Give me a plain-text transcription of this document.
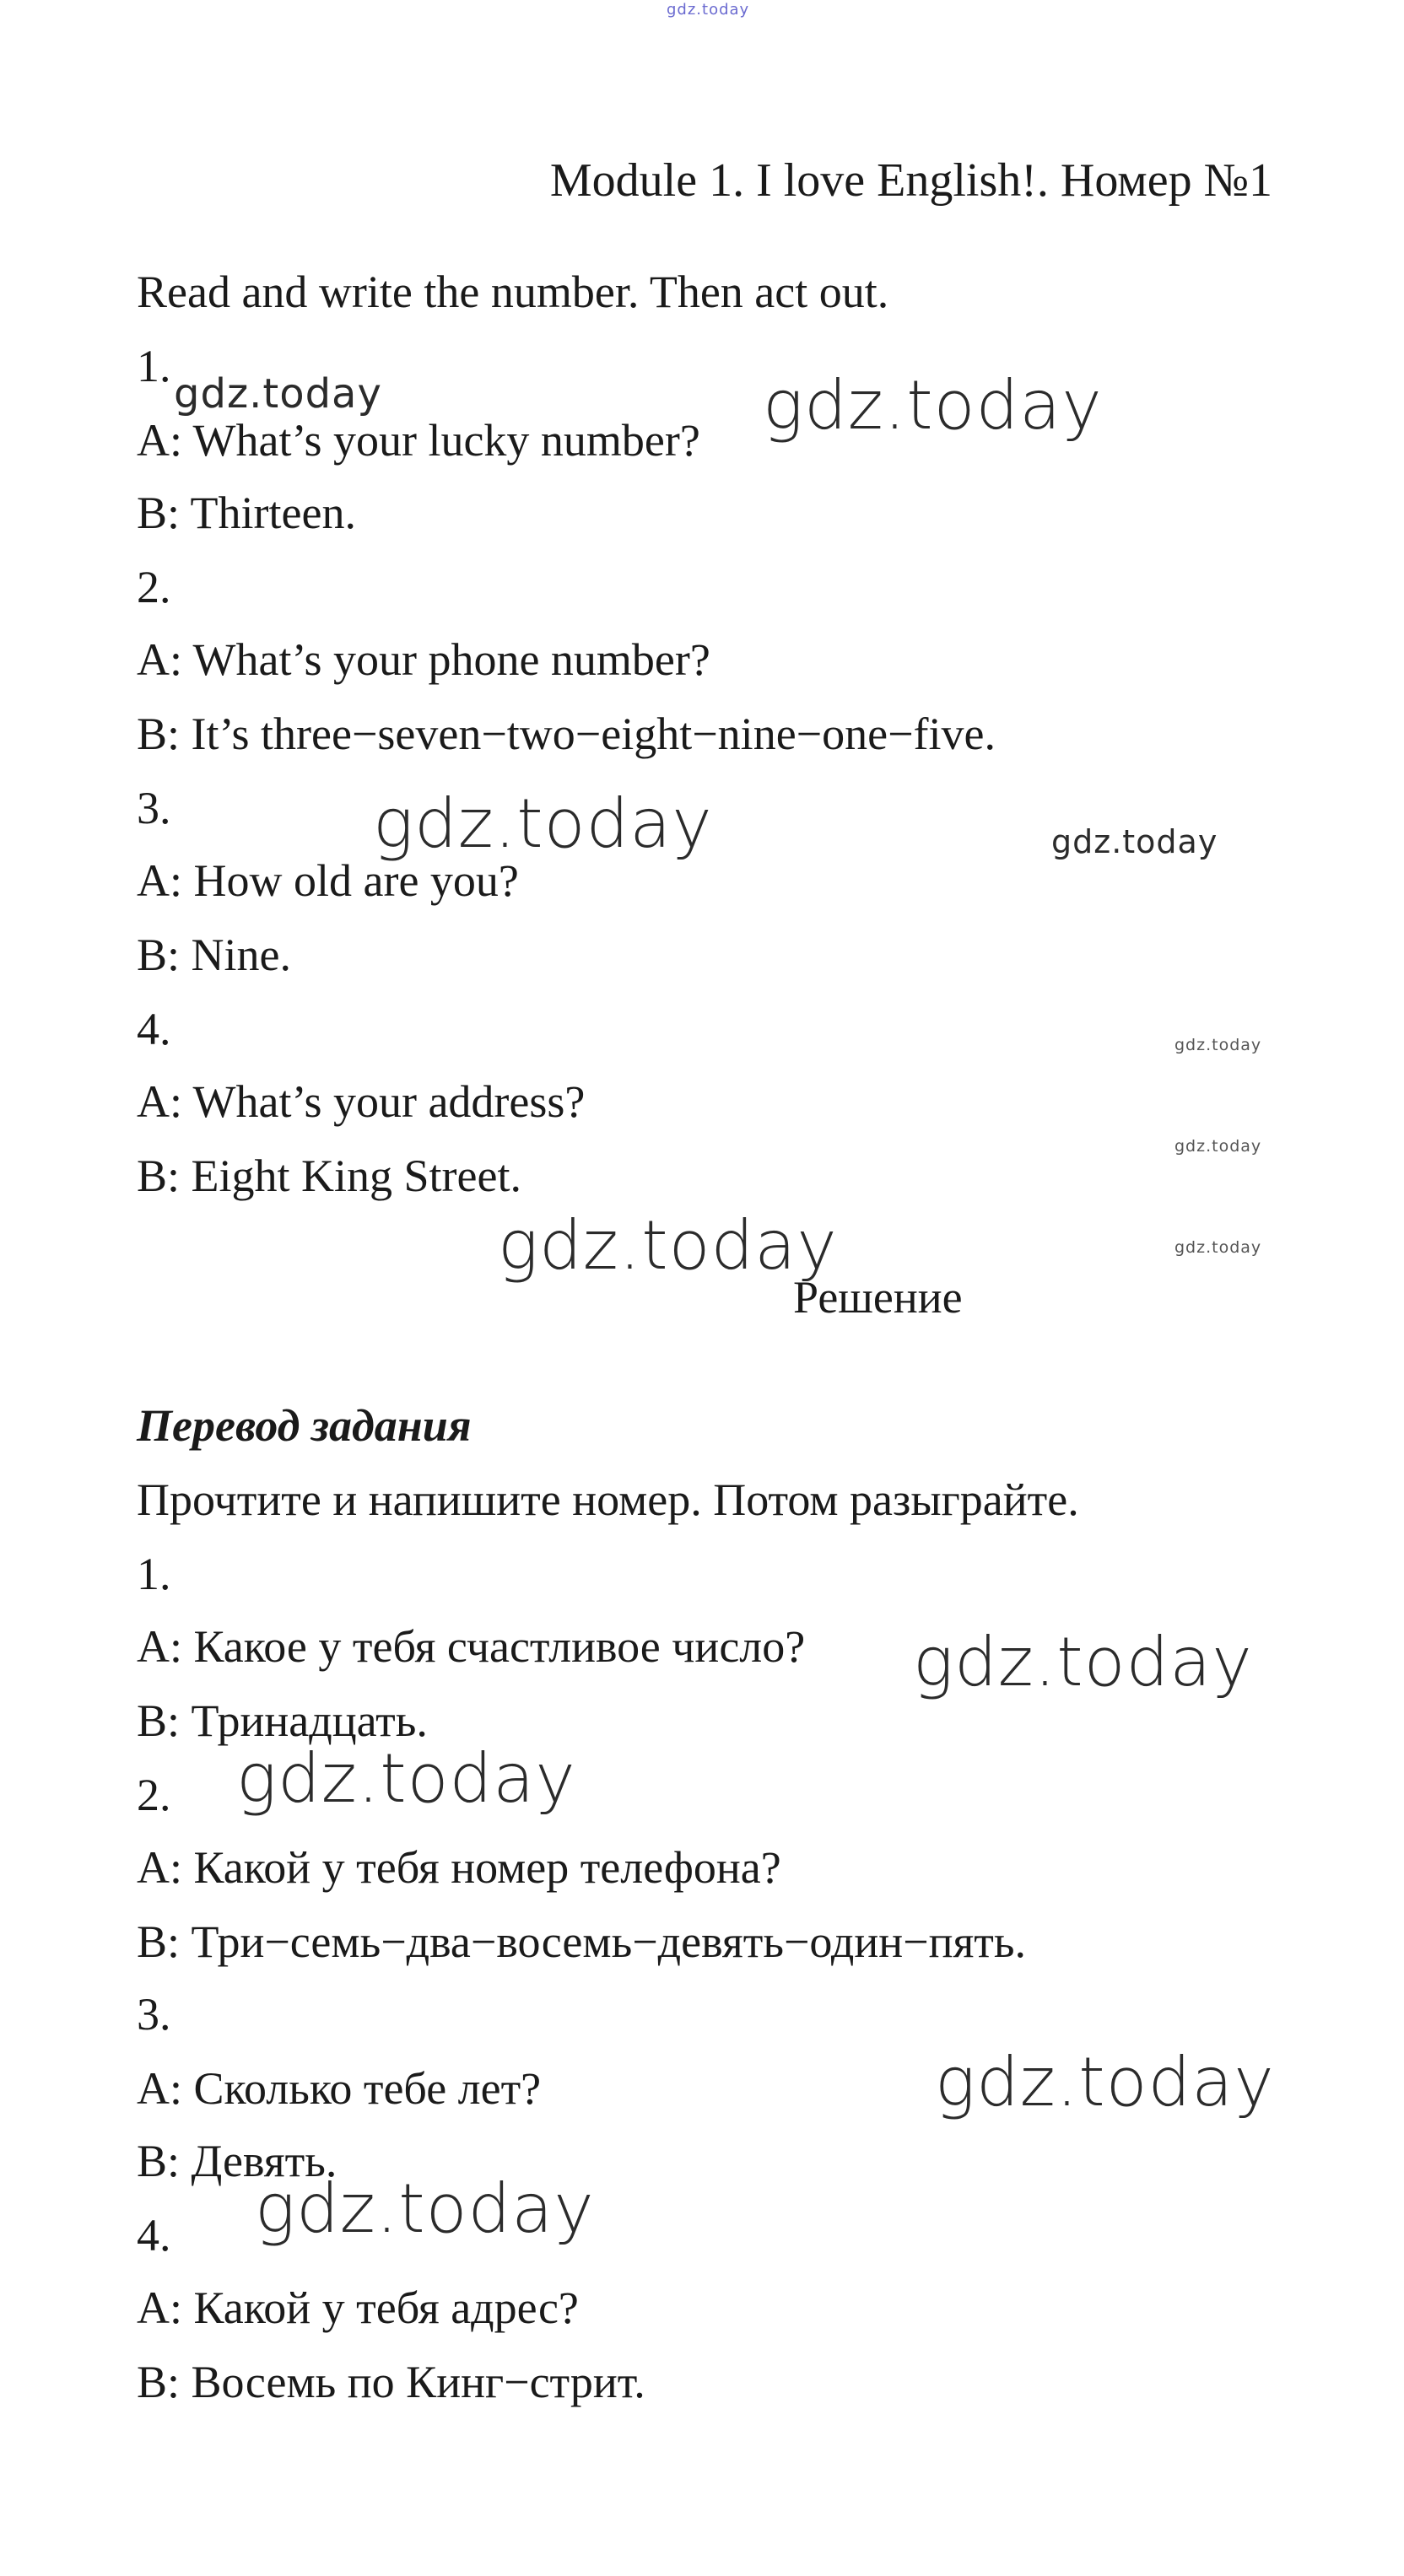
gdz.today
Module 1. I love English!. Номер №1
Read and write the number. Then act out.
1.
A: What’s your lucky number?
B: Thirteen.
2.
A: What’s your phone number?
B: It’s three−seven−two−eight−nine−one−five.
3.
A: How old are you?
B: Nine.
4.
A: What’s your address?
B: Eight King Street.
Решение
Перевод задания
Прочтите и напишите номер. Потом разыграйте.
1.
A: Какое у тебя счастливое число?
B: Тринадцать.
2.
A: Какой у тебя номер телефона?
B: Три−семь−два−восемь−девять−один−пять.
3.
A: Сколько тебе лет?
B: Девять.
4.
A: Какой у тебя адрес?
B: Восемь по Кинг−стрит.
gdz.today	gdz.today
gdz.today	gdz.today
gdz.today
gdz.today
gdz.today	gdz.today
gdz.today
gdz.today
gdz.today
gdz.today
